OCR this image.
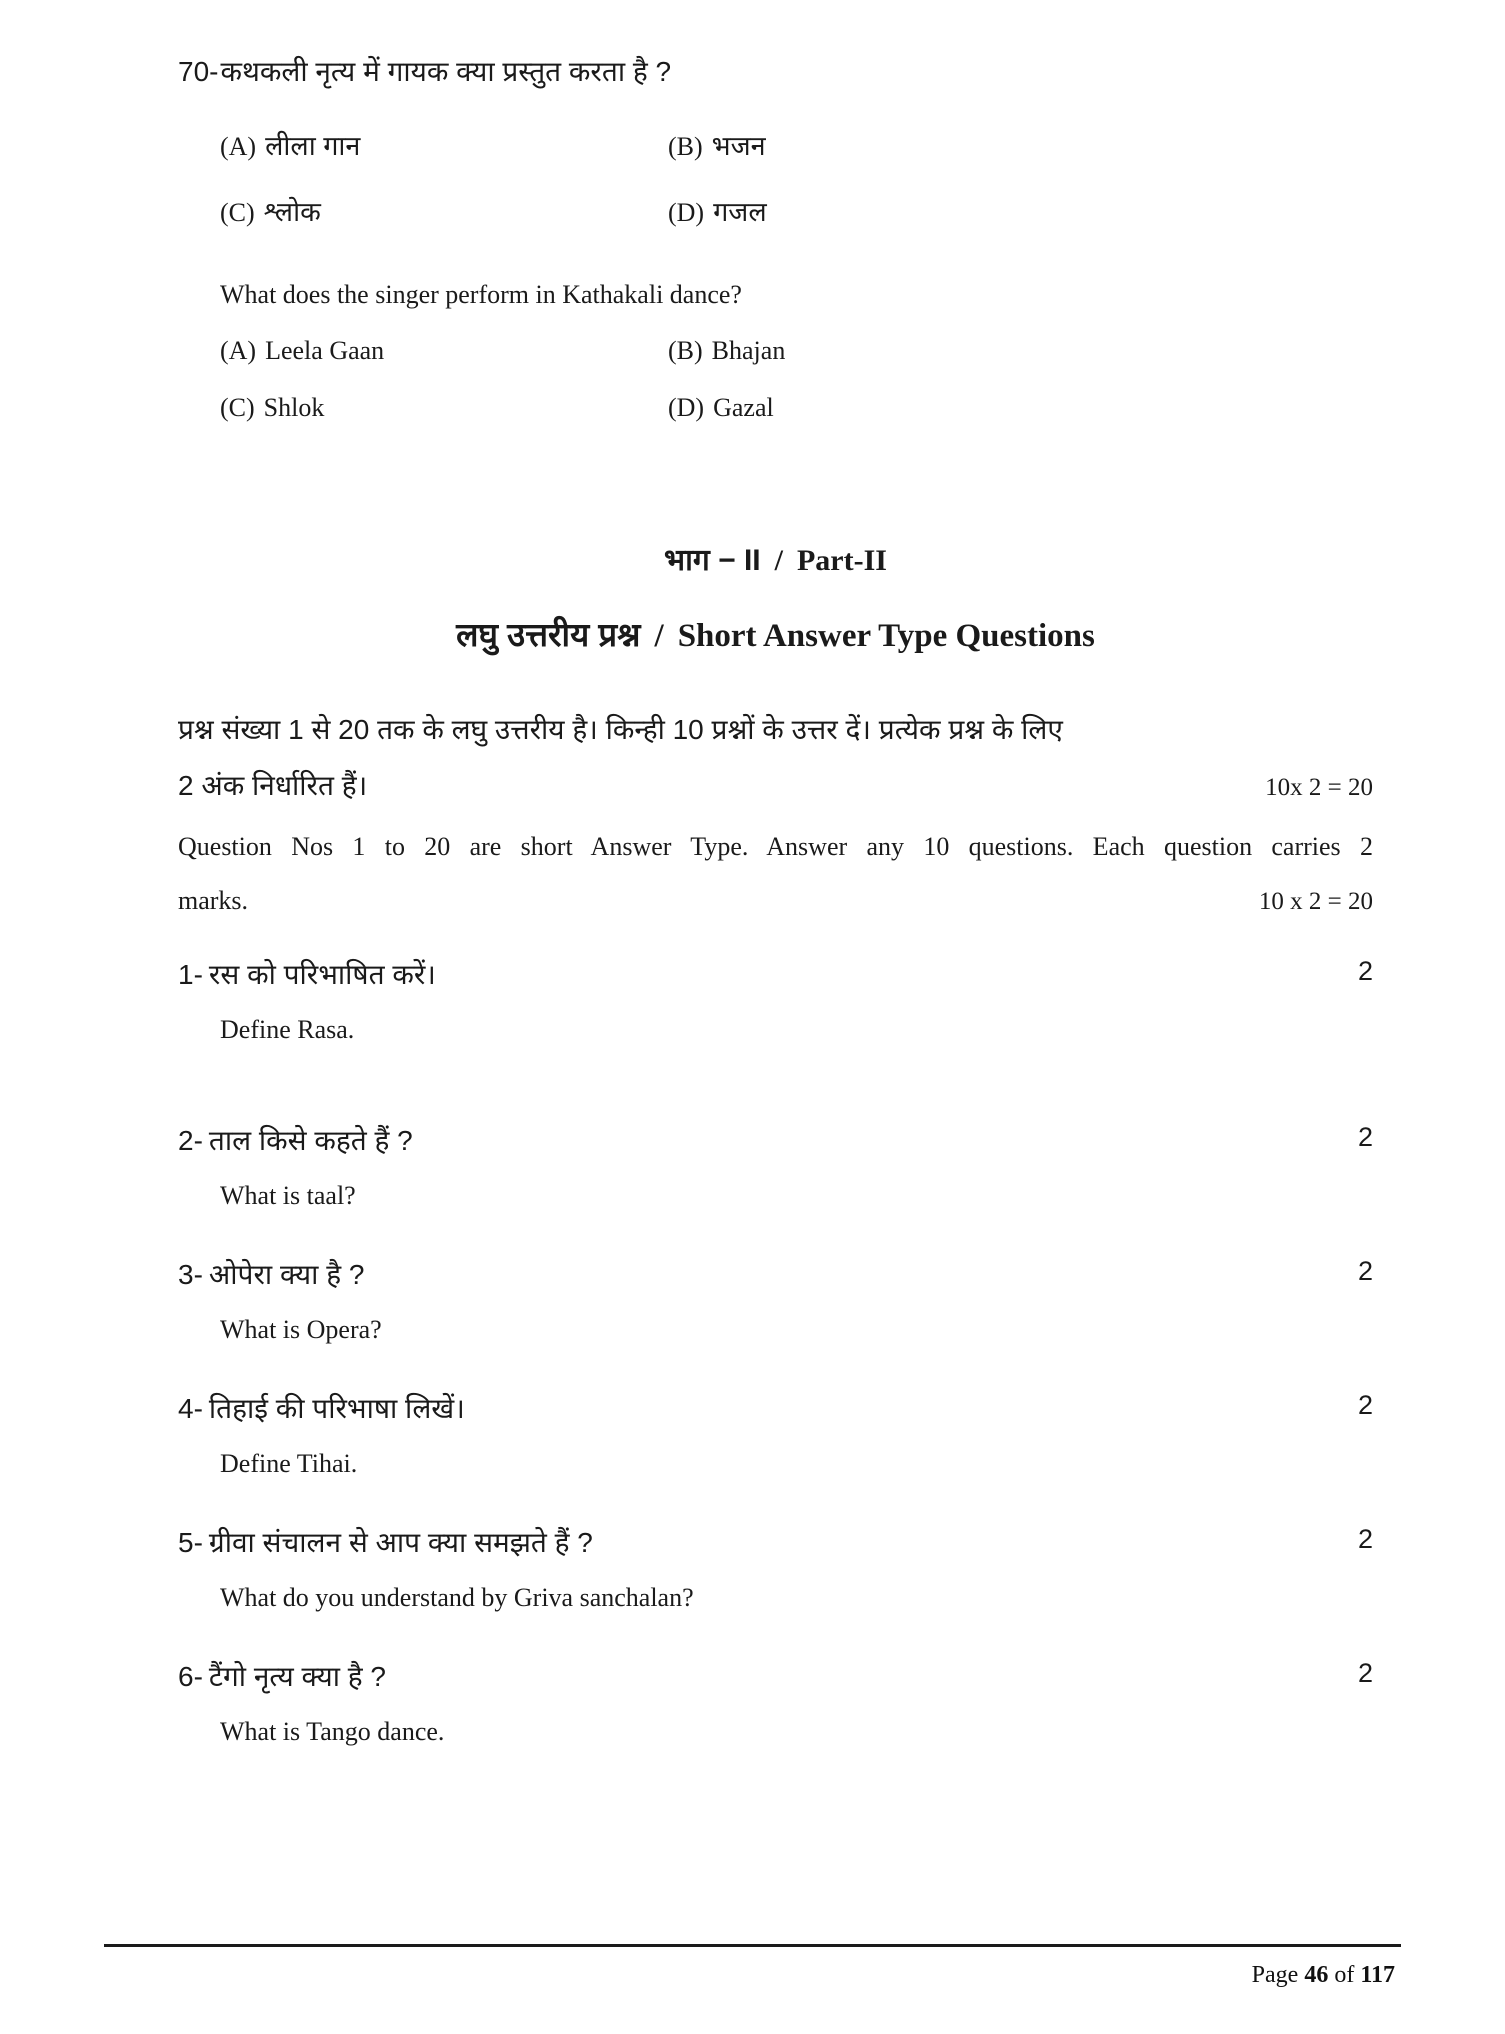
70-कथकली नृत्य में गायक क्या प्रस्तुत करता है ?

(A) लीला गान	(B) भजन
(C) श्लोक	(D) गजल

What does the singer perform in Kathakali dance?

(A) Leela Gaan	(B) Bhajan
(C) Shlok	(D) Gazal

भाग − II / Part-II

लघु उत्तरीय प्रश्न / Short Answer Type Questions

प्रश्न संख्या 1 से 20 तक के लघु उत्तरीय है। किन्ही 10 प्रश्नों के उत्तर दें। प्रत्येक प्रश्न के लिए
2 अंक निर्धारित हैं।	10x 2 = 20
Question Nos 1 to 20 are short Answer Type. Answer any 10 questions. Each question carries 2
marks.	10 x 2 = 20
1- रस को परिभाषित करें।
Define Rasa.
2
2- ताल किसे कहते हैं ?
What is taal?
2
3- ओपेरा क्या है ?
What is Opera?
2
4- तिहाई की परिभाषा लिखें।
Define Tihai.
2
5- ग्रीवा संचालन से आप क्या समझते हैं ?
What do you understand by Griva sanchalan?
2
6- टैंगो नृत्य क्या है ?
What is Tango dance.
2
Page 46 of 117
